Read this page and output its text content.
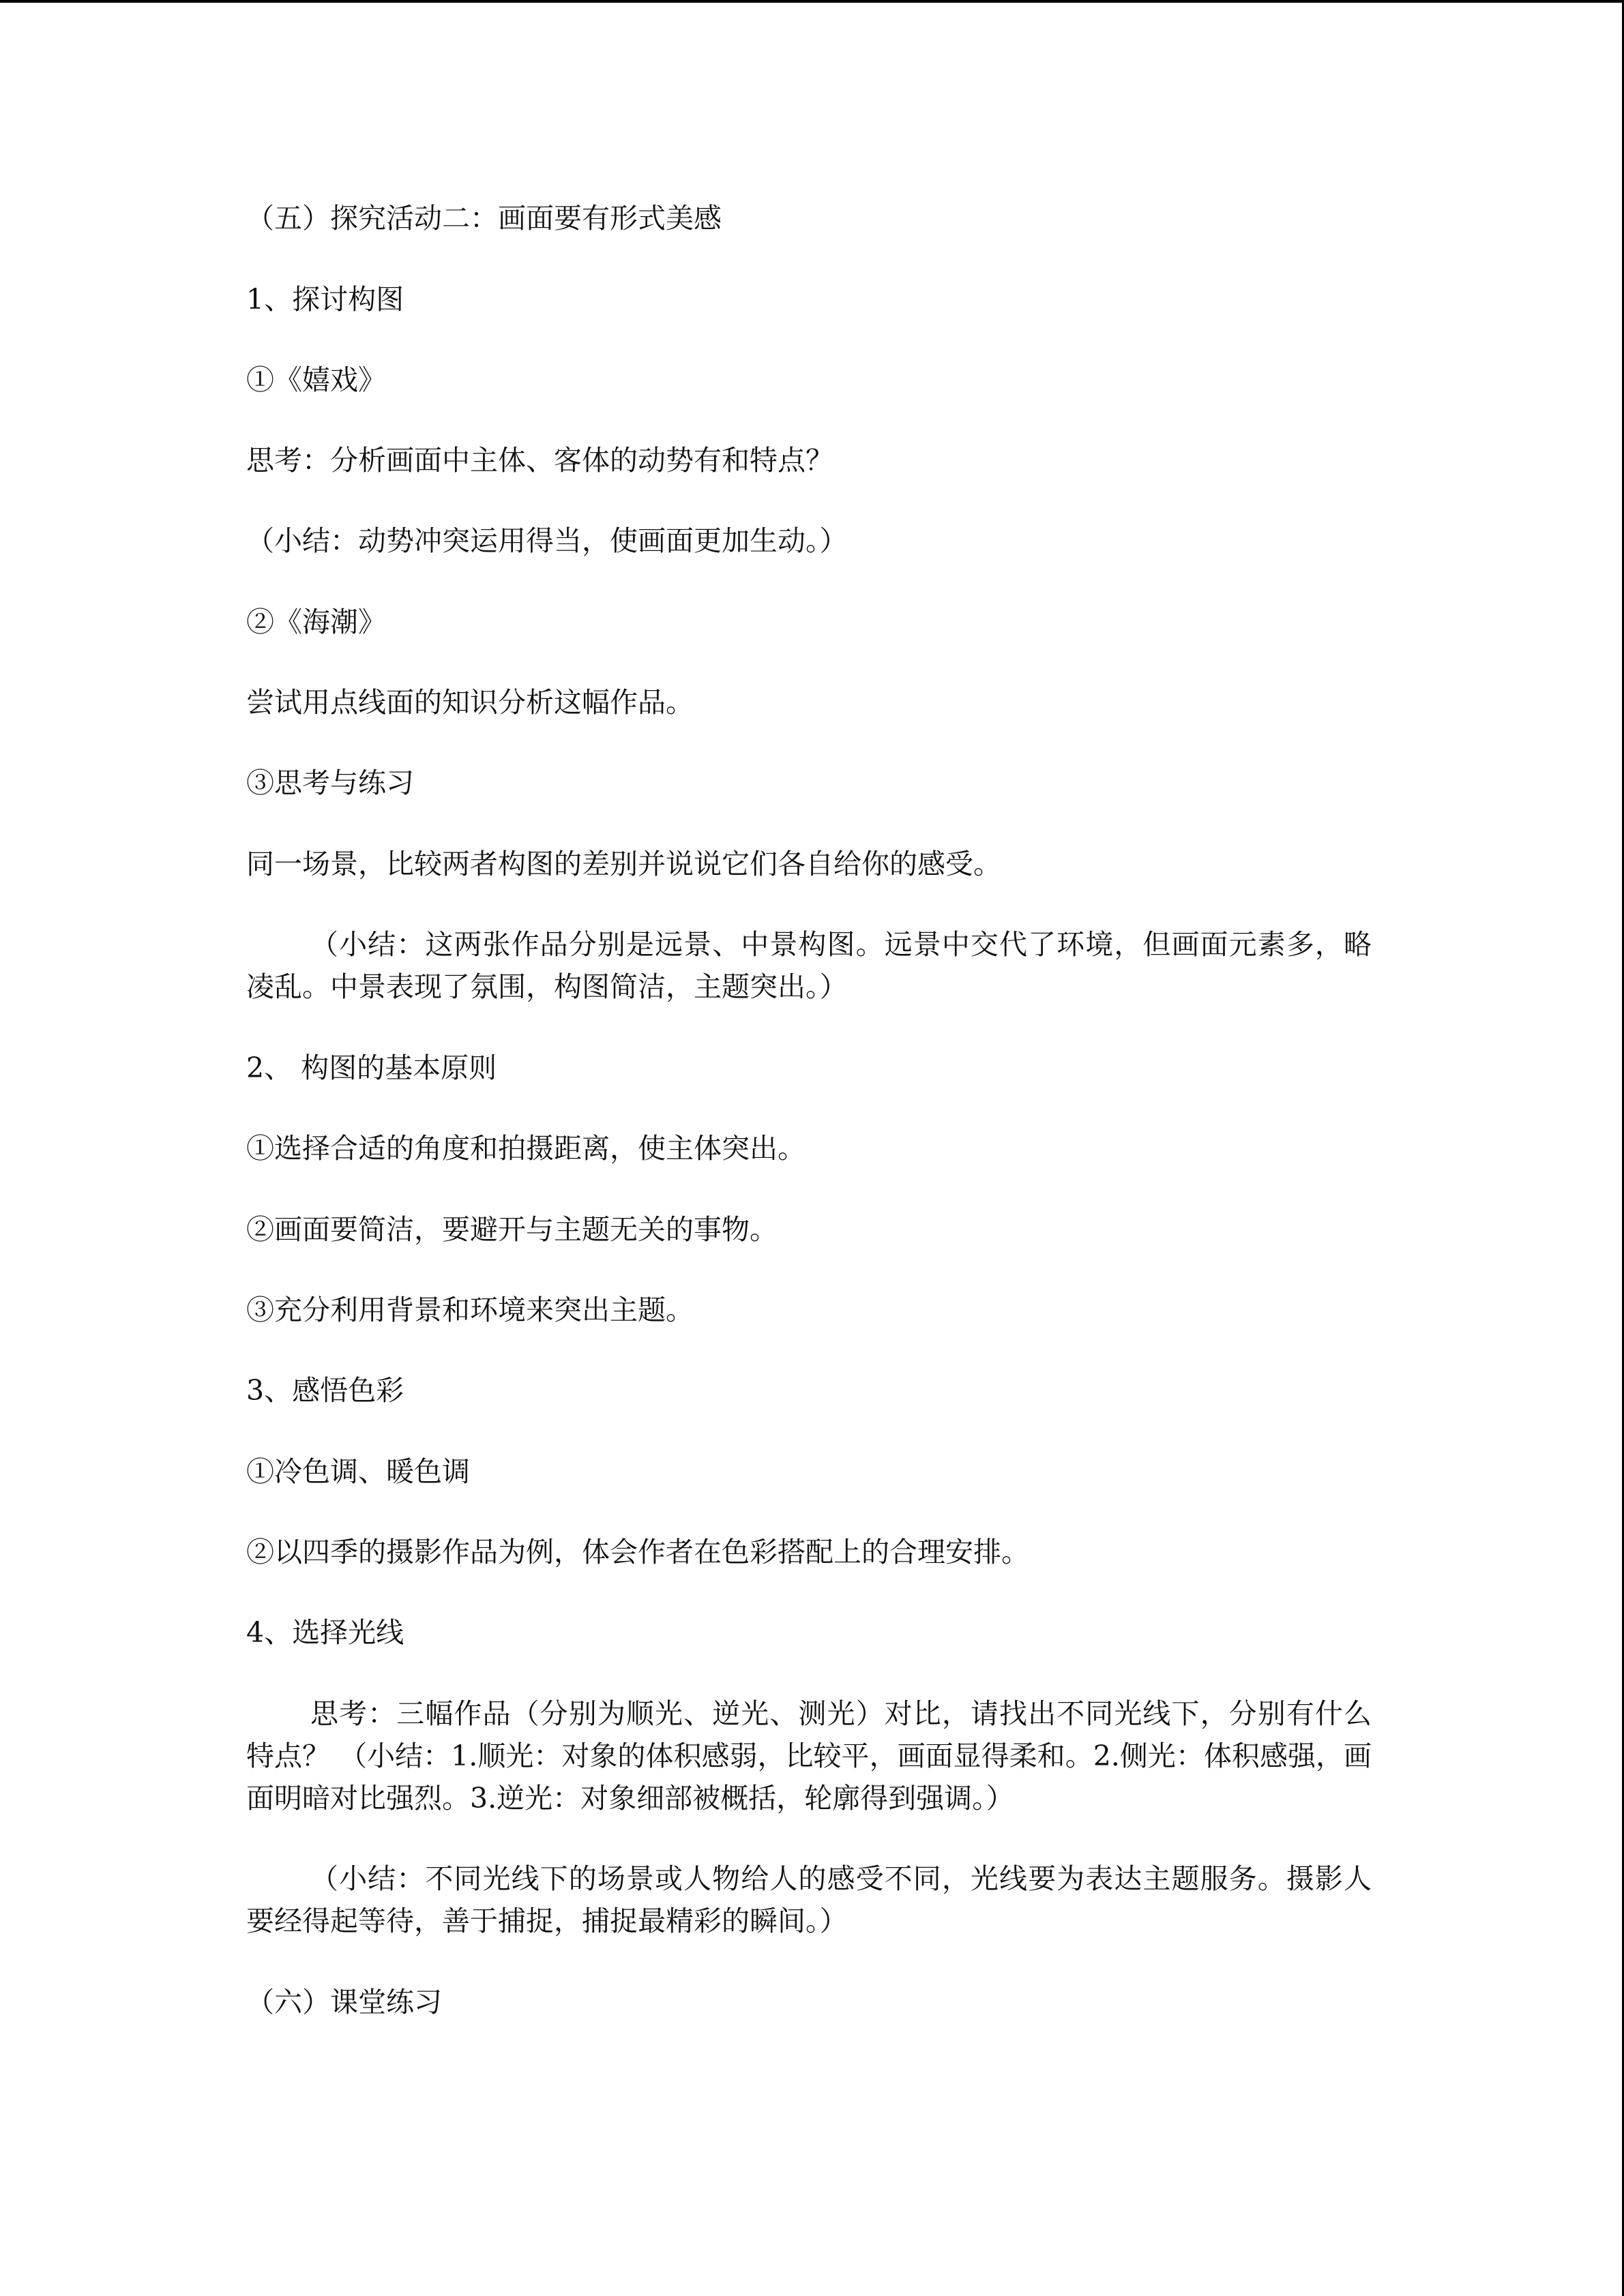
（五）探究活动二：画面要有形式美感
1、探讨构图
①《嬉戏》
思考：分析画面中主体、客体的动势有和特点？
（小结：动势冲突运用得当，使画面更加生动。）
②《海潮》
尝试用点线面的知识分析这幅作品。
③思考与练习
同一场景，比较两者构图的差别并说说它们各自给你的感受。
（小结：这两张作品分别是远景、中景构图。远景中交代了环境，但画面元素多，略凌乱。中景表现了氛围，构图简洁，主题突出。）
2、 构图的基本原则
①选择合适的角度和拍摄距离，使主体突出。
②画面要简洁，要避开与主题无关的事物。
③充分利用背景和环境来突出主题。
3、感悟色彩
①冷色调、暖色调
②以四季的摄影作品为例，体会作者在色彩搭配上的合理安排。
4、选择光线
思考：三幅作品（分别为顺光、逆光、测光）对比，请找出不同光线下，分别有什么特点？ （小结：1.顺光：对象的体积感弱，比较平，画面显得柔和。2.侧光：体积感强，画面明暗对比强烈。3.逆光：对象细部被概括，轮廓得到强调。）
（小结：不同光线下的场景或人物给人的感受不同，光线要为表达主题服务。摄影人要经得起等待，善于捕捉，捕捉最精彩的瞬间。）
（六）课堂练习
